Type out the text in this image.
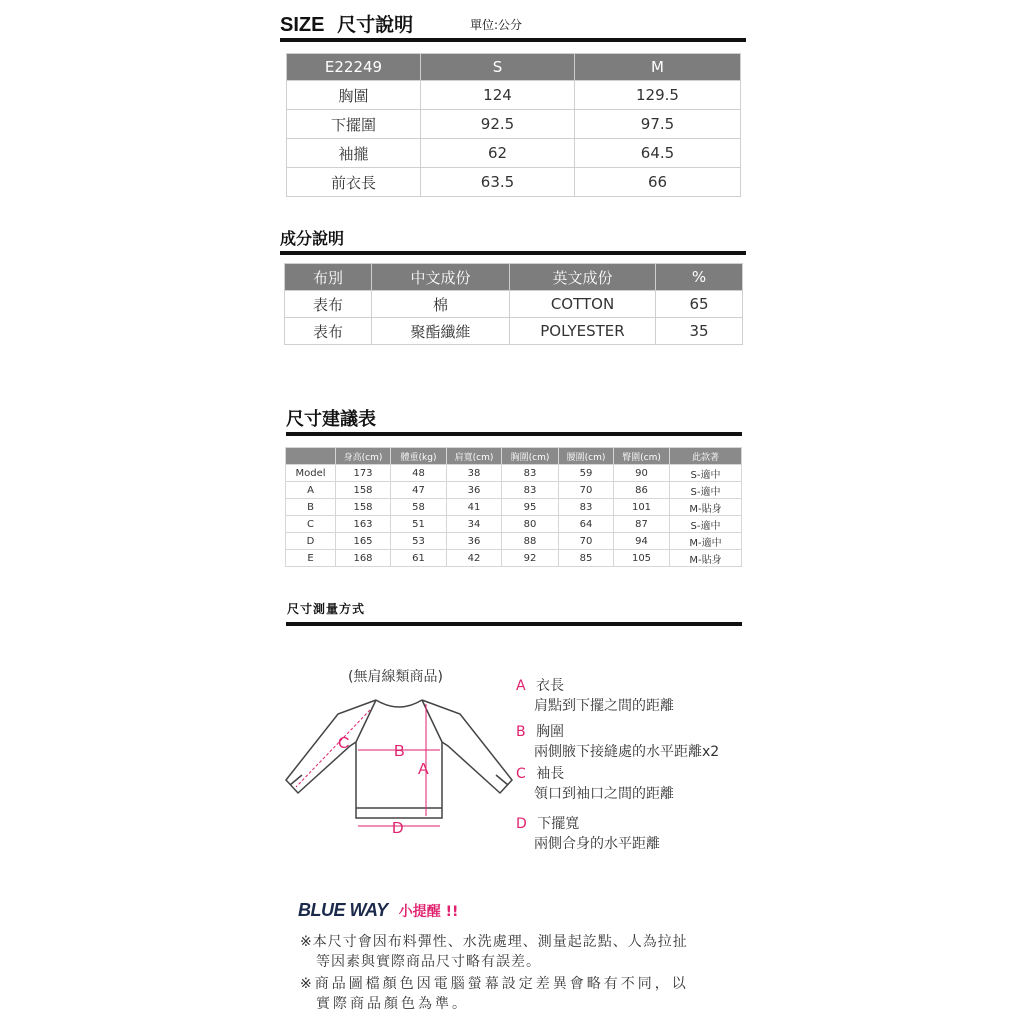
SIZE 尺寸說明	單位:公分
E22249	S	M
胸圍	124	129.5
下擺圍	92.5	97.5
袖攏	62	64.5
前衣長	63.5	66
成分說明
布別	中文成份	英文成份	%
表布	棉	COTTON	65
表布	聚酯纖維	POLYESTER	35
尺寸建議表
	身高(cm)	體重(kg)	肩寬(cm)	胸圍(cm)	腰圍(cm)	臀圍(cm)	此款著
Model	173	48	38	83	59	90	S-適中
A	158	47	36	83	70	86	S-適中
B	158	58	41	95	83	101	M-貼身
C	163	51	34	80	64	87	S-適中
D	165	53	36	88	70	94	M-適中
E	168	61	42	92	85	105	M-貼身
尺寸測量方式
(無肩線類商品)
C	B
A
D
A 衣長
肩點到下擺之間的距離
B 胸圍
兩側腋下接縫處的水平距離x2
C 袖長
領口到袖口之間的距離
D 下擺寬
兩側合身的水平距離
BLUE WAY 小提醒 !!
※本尺寸會因布料彈性、水洗處理、測量起訖點、人為拉扯
等因素與實際商品尺寸略有誤差。
※商品圖檔顏色因電腦螢幕設定差異會略有不同，以
實際商品顏色為準。
